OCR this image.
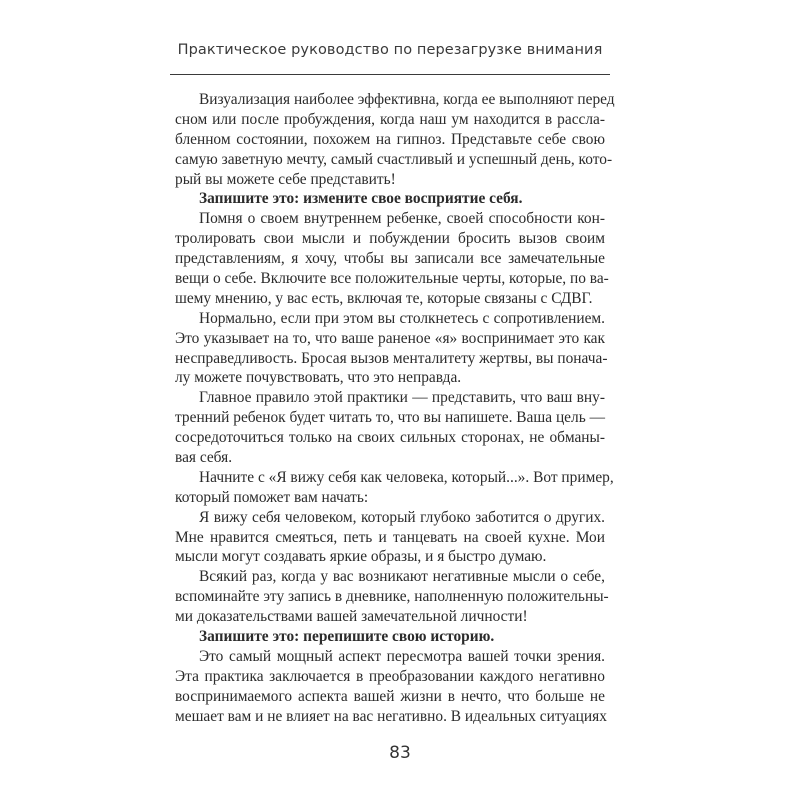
Практическое руководство по перезагрузке внимания
Визуализация наиболее эффективна, когда ее выполняют перед
сном или после пробуждения, когда наш ум находится в рассла-
бленном состоянии, похожем на гипноз. Представьте себе свою
самую заветную мечту, самый счастливый и успешный день, кото-
рый вы можете себе представить!
Запишите это: измените свое восприятие себя.
Помня о своем внутреннем ребенке, своей способности кон-
тролировать свои мысли и побуждении бросить вызов своим
представлениям, я хочу, чтобы вы записали все замечательные
вещи о себе. Включите все положительные черты, которые, по ва-
шему мнению, у вас есть, включая те, которые связаны с СДВГ.
Нормально, если при этом вы столкнетесь с сопротивлением.
Это указывает на то, что ваше раненое «я» воспринимает это как
несправедливость. Бросая вызов менталитету жертвы, вы понача-
лу можете почувствовать, что это неправда.
Главное правило этой практики — представить, что ваш вну-
тренний ребенок будет читать то, что вы напишете. Ваша цель —
сосредоточиться только на своих сильных сторонах, не обманы-
вая себя.
Начните с «Я вижу себя как человека, который...». Вот пример,
который поможет вам начать:
Я вижу себя человеком, который глубоко заботится о других.
Мне нравится смеяться, петь и танцевать на своей кухне. Мои
мысли могут создавать яркие образы, и я быстро думаю.
Всякий раз, когда у вас возникают негативные мысли о себе,
вспоминайте эту запись в дневнике, наполненную положительны-
ми доказательствами вашей замечательной личности!
Запишите это: перепишите свою историю.
Это самый мощный аспект пересмотра вашей точки зрения.
Эта практика заключается в преобразовании каждого негативно
воспринимаемого аспекта вашей жизни в нечто, что больше не
мешает вам и не влияет на вас негативно. В идеальных ситуациях
83
